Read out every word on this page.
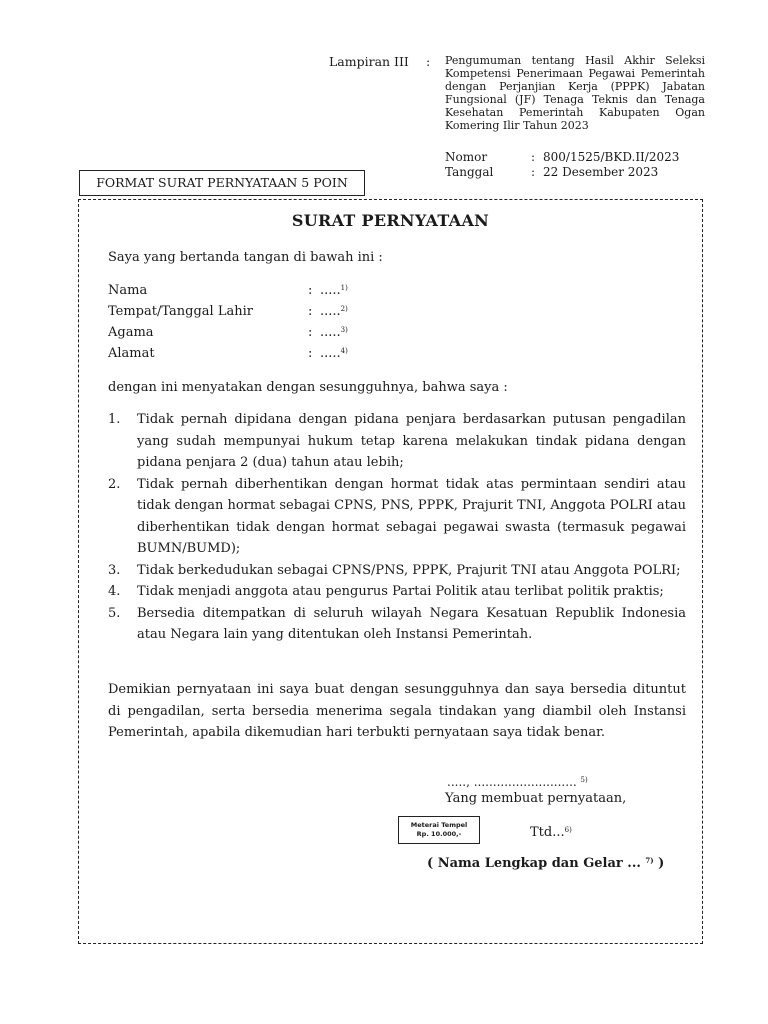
Lampiran III : Pengumuman tentang Hasil Akhir Seleksi Kompetensi Penerimaan Pegawai Pemerintah dengan Perjanjian Kerja (PPPK) Jabatan Fungsional (JF) Tenaga Teknis dan Tenaga Kesehatan Pemerintah Kabupaten Ogan Komering Ilir Tahun 2023
Nomor	: 800/1525/BKD.II/2023
Tanggal	: 22 Desember 2023
FORMAT SURAT PERNYATAAN 5 POIN
SURAT PERNYATAAN
Saya yang bertanda tangan di bawah ini :
Nama	: .....$^{1)}$
Tempat/Tanggal Lahir	: .....$^{2)}$
Agama	: .....$^{3)}$
Alamat	: .....$^{4)}$
dengan ini menyatakan dengan sesungguhnya, bahwa saya :
1. Tidak pernah dipidana dengan pidana penjara berdasarkan putusan pengadilan yang sudah mempunyai hukum tetap karena melakukan tindak pidana dengan pidana penjara 2 (dua) tahun atau lebih;
2. Tidak pernah diberhentikan dengan hormat tidak atas permintaan sendiri atau tidak dengan hormat sebagai CPNS, PNS, PPPK, Prajurit TNI, Anggota POLRI atau diberhentikan tidak dengan hormat sebagai pegawai swasta (termasuk pegawai BUMN/BUMD);
3. Tidak berkedudukan sebagai CPNS/PNS, PPPK, Prajurit TNI atau Anggota POLRI;
4. Tidak menjadi anggota atau pengurus Partai Politik atau terlibat politik praktis;
5. Bersedia ditempatkan di seluruh wilayah Negara Kesatuan Republik Indonesia atau Negara lain yang ditentukan oleh Instansi Pemerintah.
Demikian pernyataan ini saya buat dengan sesungguhnya dan saya bersedia dituntut di pengadilan, serta bersedia menerima segala tindakan yang diambil oleh Instansi Pemerintah, apabila dikemudian hari terbukti pernyataan saya tidak benar.
....., ........................... $^{5)}$
Yang membuat pernyataan,
Meterai Tempel
Rp. 10.000,-	Ttd...$^{6)}$
( Nama Lengkap dan Gelar ... $^{7)}$ )
